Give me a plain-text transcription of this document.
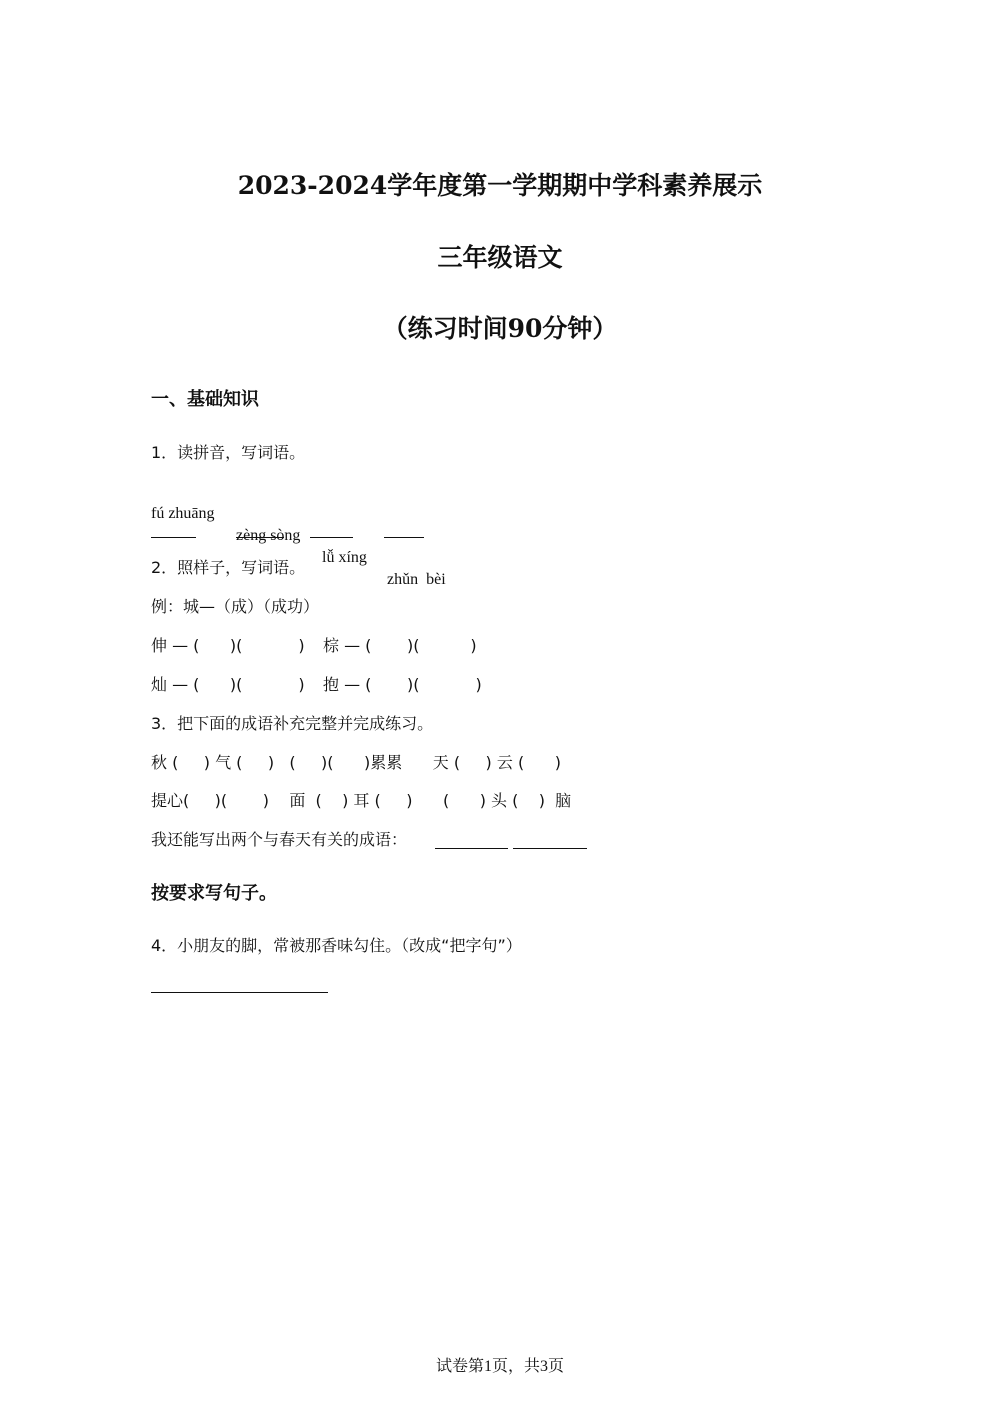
2023-2024学年度第一学期期中学科素养展示
三年级语文
（练习时间90分钟）
一、基础知识
1．读拼音，写词语。

fú zhuāng

zèng sòng

lǚ xíng

zhǔn  bèi

2．照样子，写词语。
例：城—（成）（成功）
伸 — (      )(           ) 棕 — (       )(          )
灿 — (      )(           ) 抱 — (       )(           )
3．把下面的成语补充完整并完成练习。
秋 (     ) 气 (     )   (     )(      )累累      天 (     ) 云 (      )
提心(     )(       )    面  (    ) 耳 (     )      (      ) 头 (    )  脑
我还能写出两个与春天有关的成语：
按要求写句子。
4．小朋友的脚，常被那香味勾住。（改成“把字句”）
试卷第1页，共3页
